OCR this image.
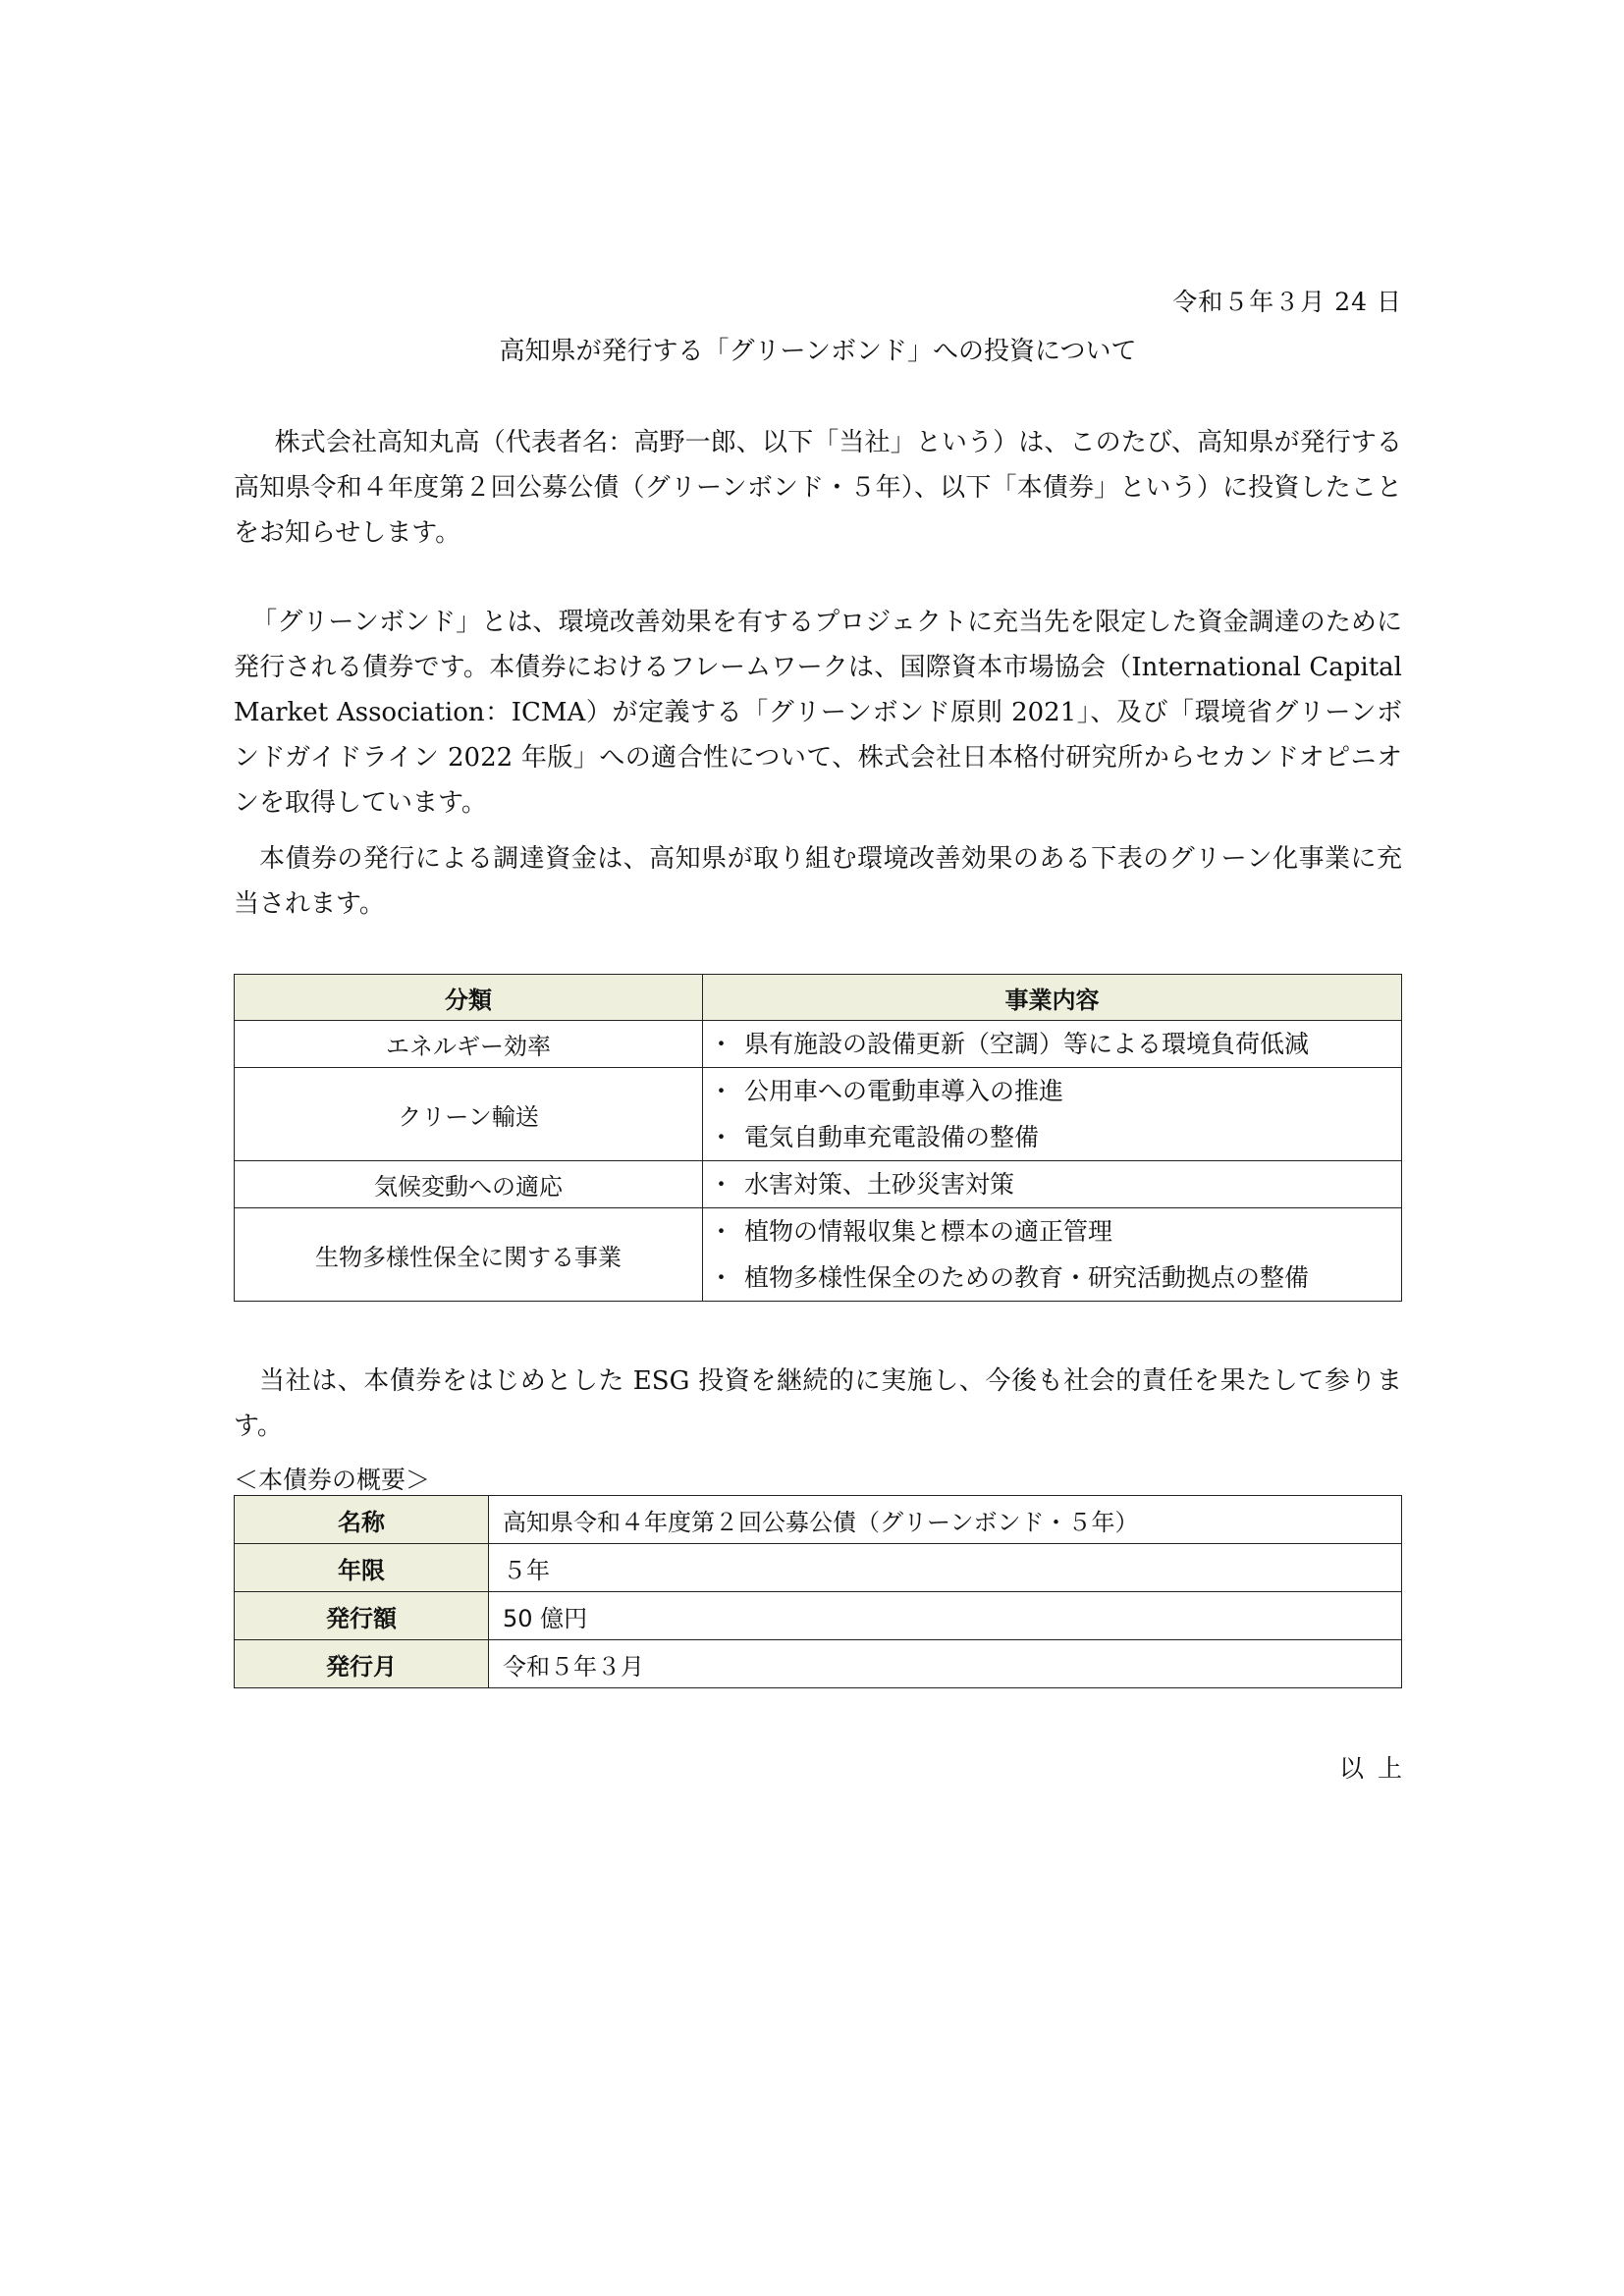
令和５年３月 24 日
高知県が発行する「グリーンボンド」への投資について

株式会社高知丸高（代表者名：高野一郎、以下「当社」という）は、このたび、高知県が発行する高知県令和４年度第２回公募公債（グリーンボンド・５年）、以下「本債券」という）に投資したことをお知らせします。

「グリーンボンド」とは、環境改善効果を有するプロジェクトに充当先を限定した資金調達のために発行される債券です。本債券におけるフレームワークは、国際資本市場協会（International Capital Market Association：ICMA）が定義する「グリーンボンド原則 2021」、及び「環境省グリーンボンドガイドライン 2022 年版」への適合性について、株式会社日本格付研究所からセカンドオピニオンを取得しています。

本債券の発行による調達資金は、高知県が取り組む環境改善効果のある下表のグリーン化事業に充当されます。

分類	事業内容
エネルギー効率	・ 県有施設の設備更新（空調）等による環境負荷低減

クリーン輸送	・ 公用車への電動車導入の推進
・ 電気自動車充電設備の整備

気候変動への適応	・ 水害対策、土砂災害対策

生物多様性保全に関する事業	・ 植物の情報収集と標本の適正管理
・ 植物多様性保全のための教育・研究活動拠点の整備

当社は、本債券をはじめとした ESG 投資を継続的に実施し、今後も社会的責任を果たして参ります。

＜本債券の概要＞
名称	高知県令和４年度第２回公募公債（グリーンボンド・５年）
年限	５年
発行額	50 億円
発行月	令和５年３月
以上
